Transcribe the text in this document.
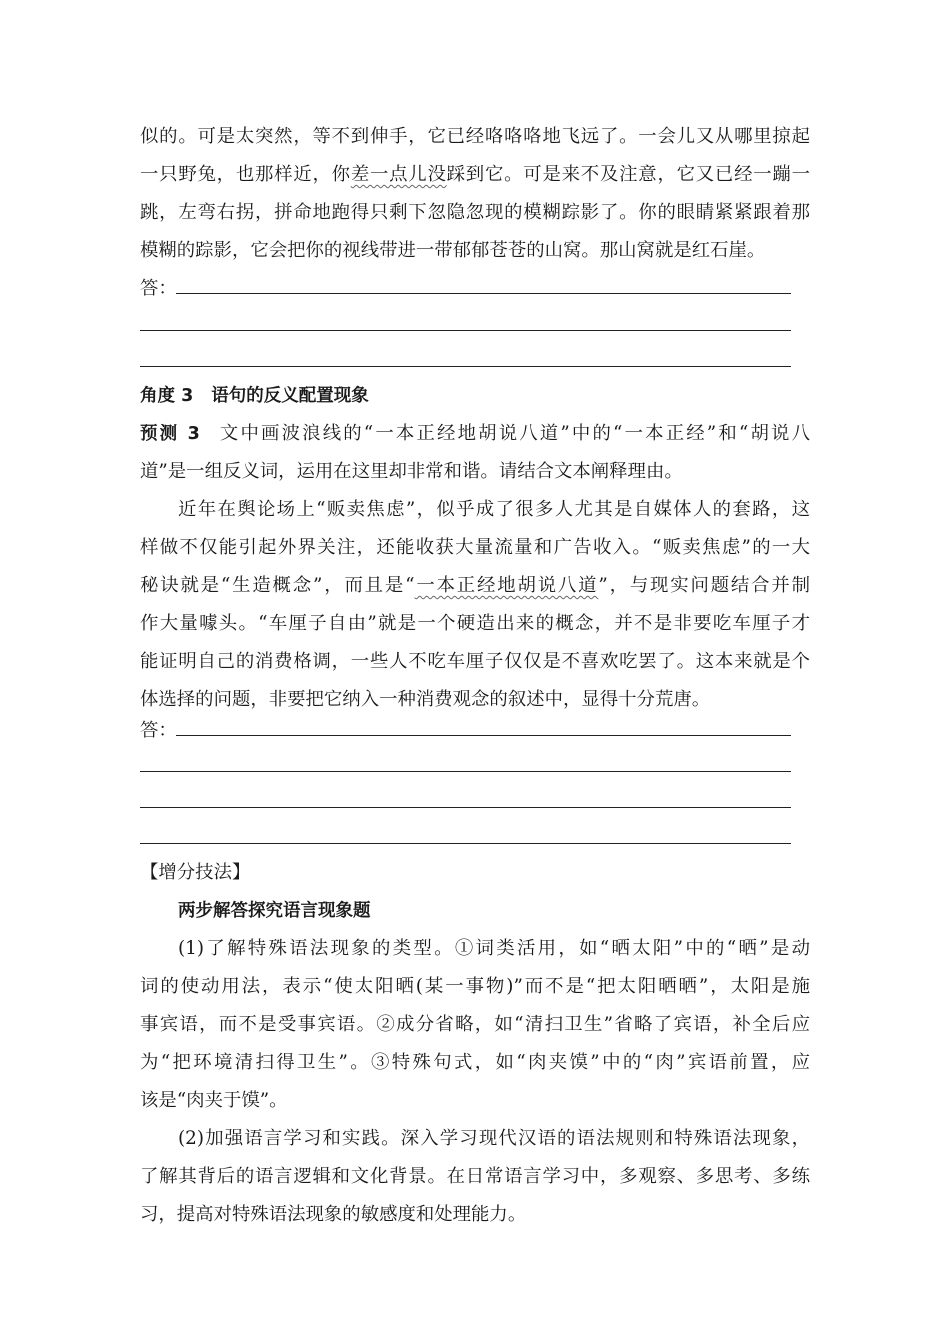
似的。可是太突然，等不到伸手，它已经咯咯咯地飞远了。一会儿又从哪里掠起
一只野兔，也那样近，你差一点儿没踩到它。可是来不及注意，它又已经一蹦一
跳，左弯右拐，拼命地跑得只剩下忽隐忽现的模糊踪影了。你的眼睛紧紧跟着那
模糊的踪影，它会把你的视线带进一带郁郁苍苍的山窝。那山窝就是红石崖。
答：
角度 3 语句的反义配置现象
预测 3 文中画波浪线的“一本正经地胡说八道”中的“一本正经”和“胡说八
道”是一组反义词，运用在这里却非常和谐。请结合文本阐释理由。
近年在舆论场上“贩卖焦虑”，似乎成了很多人尤其是自媒体人的套路，这
样做不仅能引起外界关注，还能收获大量流量和广告收入。“贩卖焦虑”的一大
秘诀就是“生造概念”，而且是“一本正经地胡说八道”，与现实问题结合并制
作大量噱头。“车厘子自由”就是一个硬造出来的概念，并不是非要吃车厘子才
能证明自己的消费格调，一些人不吃车厘子仅仅是不喜欢吃罢了。这本来就是个
体选择的问题，非要把它纳入一种消费观念的叙述中，显得十分荒唐。
答：
【增分技法】
两步解答探究语言现象题
(1)了解特殊语法现象的类型。①词类活用，如“晒太阳”中的“晒”是动
词的使动用法，表示“使太阳晒(某一事物)”而不是“把太阳晒晒”，太阳是施
事宾语，而不是受事宾语。②成分省略，如“清扫卫生”省略了宾语，补全后应
为“把环境清扫得卫生”。③特殊句式，如“肉夹馍”中的“肉”宾语前置，应
该是“肉夹于馍”。
(2)加强语言学习和实践。深入学习现代汉语的语法规则和特殊语法现象，
了解其背后的语言逻辑和文化背景。在日常语言学习中，多观察、多思考、多练
习，提高对特殊语法现象的敏感度和处理能力。
